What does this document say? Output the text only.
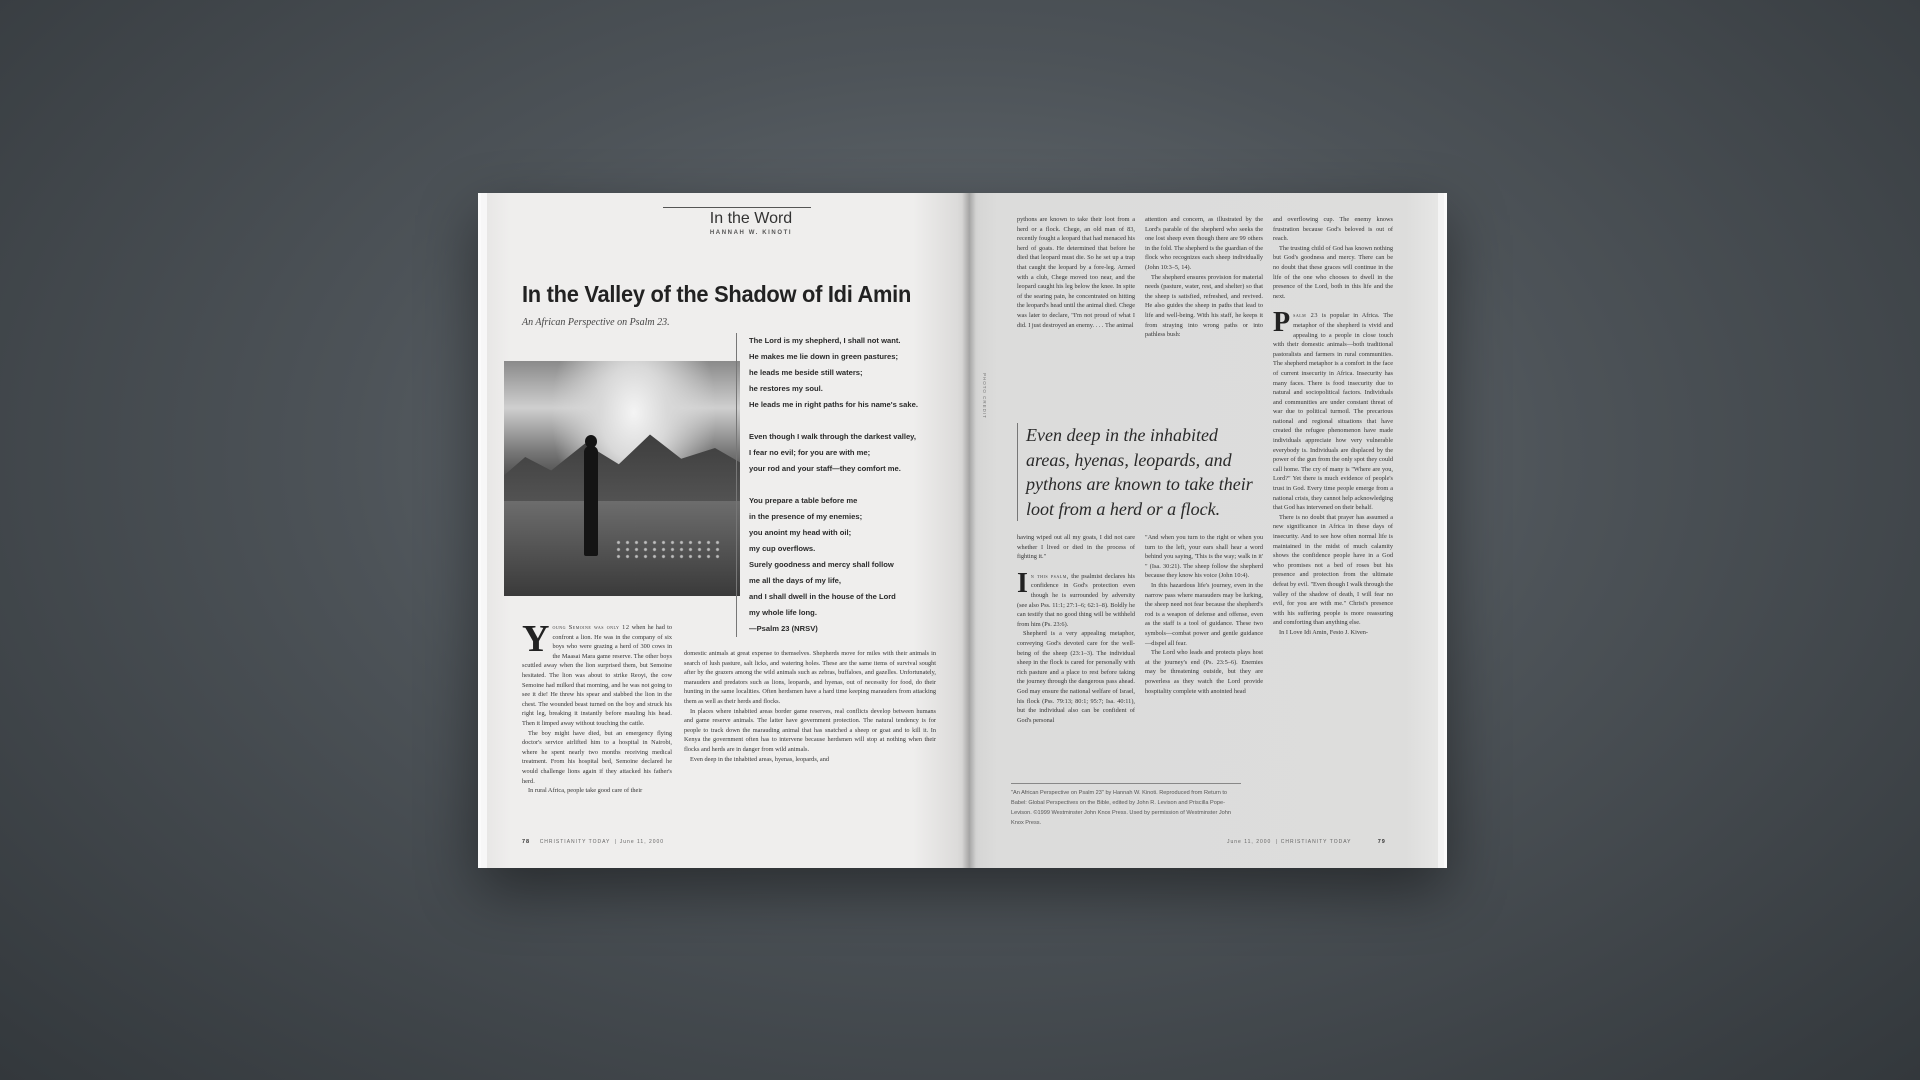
In the Word
HANNAH W. KINOTI
In the Valley of the Shadow of Idi Amin
An African Perspective on Psalm 23.
The Lord is my shepherd, I shall not want.
He makes me lie down in green pastures;
he leads me beside still waters;
he restores my soul.
He leads me in right paths for his name's sake.
Even though I walk through the darkest valley,
I fear no evil; for you are with me;
your rod and your staff—they comfort me.
You prepare a table before me
in the presence of my enemies;
you anoint my head with oil;
my cup overflows.
Surely goodness and mercy shall follow
me all the days of my life,
and I shall dwell in the house of the Lord
my whole life long.
—Psalm 23 (NRSV)

Young Semoine was only 12 when he had to confront a lion. He was in the company of six boys who were grazing a herd of 300 cows in the Maasai Mara game reserve. The other boys scuttled away when the lion surprised them, but Semoine hesitated. The lion was about to strike Reoyi, the cow Semoine had milked that morning, and he was not going to see it die! He threw his spear and stabbed the lion in the chest. The wounded beast turned on the boy and struck his right leg, breaking it instantly before mauling his head. Then it limped away without touching the cattle.

The boy might have died, but an emergency flying doctor's service airlifted him to a hospital in Nairobi, where he spent nearly two months receiving medical treatment. From his hospital bed, Semoine declared he would challenge lions again if they attacked his father's herd.

In rural Africa, people take good care of their

domestic animals at great expense to themselves. Shepherds move for miles with their animals in search of lush pasture, salt licks, and watering holes. These are the same items of survival sought after by the grazers among the wild animals such as zebras, buffaloes, and gazelles. Unfortunately, marauders and predators such as lions, leopards, and hyenas, out of necessity for food, do their hunting in the same localities. Often herdsmen have a hard time keeping marauders from attacking them as well as their herds and flocks.

In places where inhabited areas border game reserves, real conflicts develop between humans and game reserve animals. The latter have government protection. The natural tendency is for people to track down the marauding animal that has snatched a sheep or goat and to kill it. In Kenya the government often has to intervene because herdsmen will stop at nothing when their flocks and herds are in danger from wild animals.

Even deep in the inhabited areas, hyenas, leopards, and

78 CHRISTIANITY TODAY  | June 11, 2000

pythons are known to take their loot from a herd or a flock. Chege, an old man of 83, recently fought a leopard that had menaced his herd of goats. He determined that before he died that leopard must die. So he set up a trap that caught the leopard by a fore-leg. Armed with a club, Chege moved too near, and the leopard caught his leg below the knee. In spite of the searing pain, he concentrated on hitting the leopard's head until the animal died. Chege was later to declare, "I'm not proud of what I did. I just destroyed an enemy. . . . The animal

attention and concern, as illustrated by the Lord's parable of the shepherd who seeks the one lost sheep even though there are 99 others in the fold. The shepherd is the guardian of the flock who recognizes each sheep individually (John 10:3–5, 14).

The shepherd ensures provision for material needs (pasture, water, rest, and shelter) so that the sheep is satisfied, refreshed, and revived. He also guides the sheep in paths that lead to life and well-being. With his staff, he keeps it from straying into wrong paths or into pathless bush:

PHOTO CREDIT
Even deep in the inhabited areas, hyenas, leopards, and pythons are known to take their loot from a herd or a flock.

having wiped out all my goats, I did not care whether I lived or died in the process of fighting it."

In this psalm, the psalmist declares his confidence in God's protection even though he is surrounded by adversity (see also Pss. 11:1; 27:1–6; 62:1–8). Boldly he can testify that no good thing will be withheld from him (Ps. 23:6).

Shepherd is a very appealing metaphor, conveying God's devoted care for the well-being of the sheep (23:1–3). The individual sheep in the flock is cared for personally with rich pasture and a place to rest before taking the journey through the dangerous pass ahead. God may ensure the national welfare of Israel, his flock (Pss. 79:13; 80:1; 95:7; Isa. 40:11), but the individual also can be confident of God's personal

"And when you turn to the right or when you turn to the left, your ears shall hear a word behind you saying, 'This is the way; walk in it' " (Isa. 30:21). The sheep follow the shepherd because they know his voice (John 10:4).

In this hazardous life's journey, even in the narrow pass where marauders may be lurking, the sheep need not fear because the shepherd's rod is a weapon of defense and offense, even as the staff is a tool of guidance. These two symbols—combat power and gentle guidance—dispel all fear.

The Lord who leads and protects plays host at the journey's end (Ps. 23:5–6). Enemies may be threatening outside, but they are powerless as they watch the Lord provide hospitality complete with anointed head

and overflowing cup. The enemy knows frustration because God's beloved is out of reach.

The trusting child of God has known nothing but God's goodness and mercy. There can be no doubt that these graces will continue in the life of the one who chooses to dwell in the presence of the Lord, both in this life and the next.

Psalm 23 is popular in Africa. The metaphor of the shepherd is vivid and appealing to a people in close touch with their domestic animals—both traditional pastoralists and farmers in rural communities. The shepherd metaphor is a comfort in the face of current insecurity in Africa. Insecurity has many faces. There is food insecurity due to natural and sociopolitical factors. Individuals and communities are under constant threat of war due to political turmoil. The precarious national and regional situations that have created the refugee phenomenon have made individuals appreciate how very vulnerable everybody is. Individuals are displaced by the power of the gun from the only spot they could call home. The cry of many is "Where are you, Lord?" Yet there is much evidence of people's trust in God. Every time people emerge from a national crisis, they cannot help acknowledging that God has intervened on their behalf.

There is no doubt that prayer has assumed a new significance in Africa in these days of insecurity. And to see how often normal life is maintained in the midst of much calamity shows the confidence people have in a God who promises not a bed of roses but his presence and protection from the ultimate defeat by evil. "Even though I walk through the valley of the shadow of death, I will fear no evil, for you are with me." Christ's presence with his suffering people is more reassuring and comforting than anything else.

In I Love Idi Amin, Festo J. Kiven-

"An African Perspective on Psalm 23" by Hannah W. Kinoti. Reproduced from Return to Babel: Global Perspectives on the Bible, edited by John R. Levison and Priscilla Pope-Levison. ©1999 Westminster John Knox Press. Used by permission of Westminster John Knox Press.
June 11, 2000  | CHRISTIANITY TODAY	79
